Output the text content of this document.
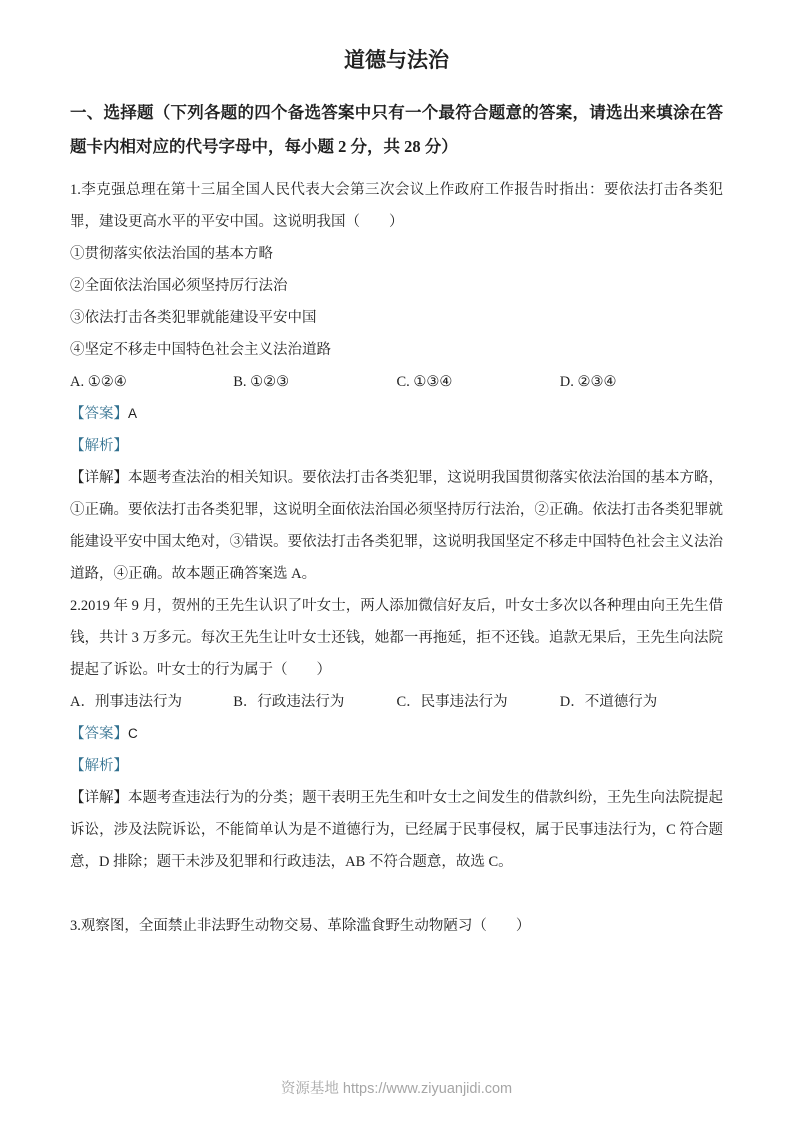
道德与法治

一、选择题（下列各题的四个备选答案中只有一个最符合题意的答案，请选出来填涂在答题卡内相对应的代号字母中，每小题 2 分，共 28 分）

1.李克强总理在第十三届全国人民代表大会第三次会议上作政府工作报告时指出：要依法打击各类犯罪，建设更高水平的平安中国。这说明我国（　　）

①贯彻落实依法治国的基本方略

②全面依法治国必须坚持厉行法治

③依法打击各类犯罪就能建设平安中国

④坚定不移走中国特色社会主义法治道路

A. ①②④	B. ①②③	C. ①③④	D. ②③④

【答案】A

【解析】

【详解】本题考查法治的相关知识。要依法打击各类犯罪，这说明我国贯彻落实依法治国的基本方略，①正确。要依法打击各类犯罪，这说明全面依法治国必须坚持厉行法治，②正确。依法打击各类犯罪就能建设平安中国太绝对，③错误。要依法打击各类犯罪，这说明我国坚定不移走中国特色社会主义法治道路，④正确。故本题正确答案选 A。

2.2019 年 9 月，贺州的王先生认识了叶女士，两人添加微信好友后，叶女士多次以各种理由向王先生借钱，共计 3 万多元。每次王先生让叶女士还钱，她都一再拖延，拒不还钱。追款无果后，王先生向法院提起了诉讼。叶女士的行为属于（　　）

A．刑事违法行为	B．行政违法行为	C．民事违法行为	D．不道德行为

【答案】C

【解析】

【详解】本题考查违法行为的分类；题干表明王先生和叶女士之间发生的借款纠纷，王先生向法院提起诉讼，涉及法院诉讼，不能简单认为是不道德行为，已经属于民事侵权，属于民事违法行为，C 符合题意，D 排除；题干未涉及犯罪和行政违法，AB 不符合题意，故选 C。

3.观察图，全面禁止非法野生动物交易、革除滥食野生动物陋习（　　）

资源基地 https://www.ziyuanjidi.com
